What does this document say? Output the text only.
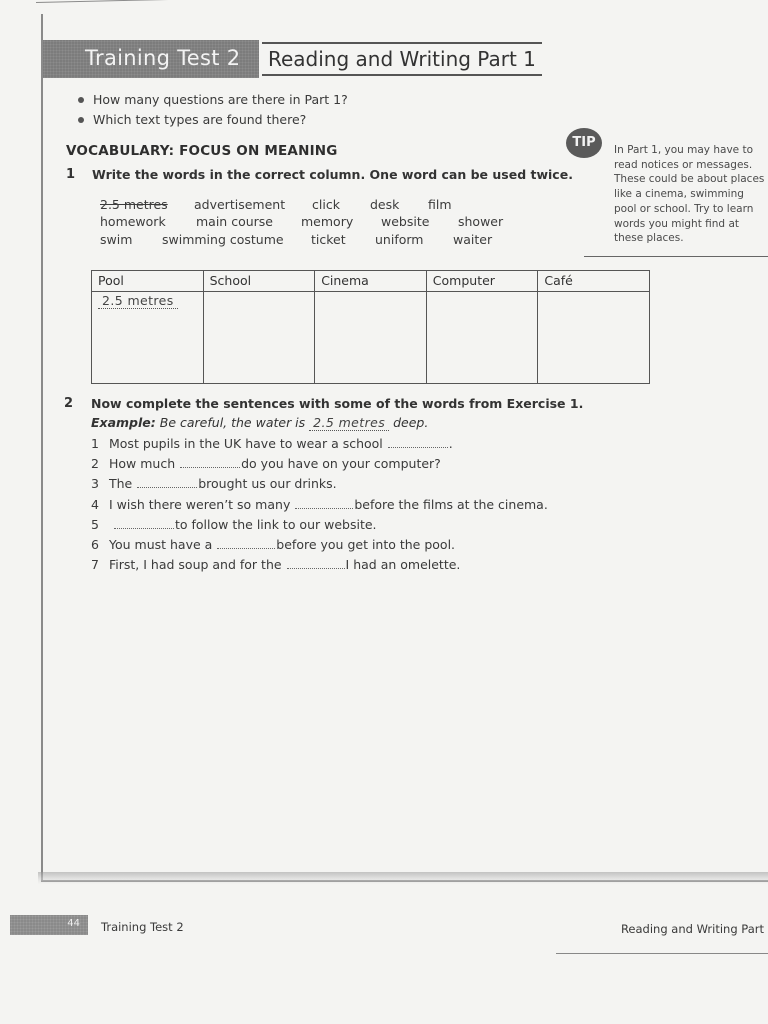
Training Test 2 Reading and Writing Part 1
How many questions are there in Part 1?
Which text types are found there?
VOCABULARY: FOCUS ON MEANING
1 Write the words in the correct column. One word can be used twice.
2.5 metres advertisement click desk film
homework main course memory website shower
swim swimming costume ticket uniform waiter
TIP	In Part 1, you may have to read notices or messages. These could be about places like a cinema, swimming pool or school. Try to learn words you might find at these places.
Pool	School	Cinema	Computer	Café
2.5 metres				
2 Now complete the sentences with some of the words from Exercise 1.
Example: Be careful, the water is 2.5 metres deep.
1 Most pupils in the UK have to wear a school	.
2 How much	do you have on your computer?
3 The	brought us our drinks.
4 I wish there weren’t so many	before the films at the cinema.
5	to follow the link to our website.
6 You must have a	before you get into the pool.
7 First, I had soup and for the	I had an omelette.
44 Training Test 2	Reading and Writing Part
